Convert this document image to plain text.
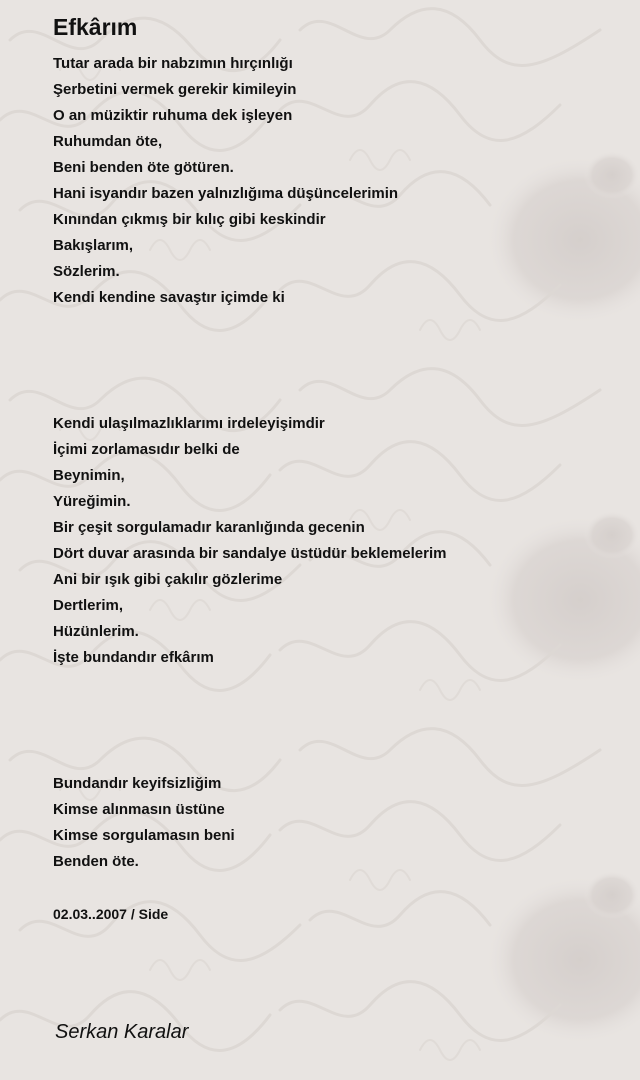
Efkârım
Tutar arada bir nabzımın hırçınlığı
Şerbetini vermek gerekir kimileyin
O an müziktir ruhuma dek işleyen
Ruhumdan öte,
Beni benden öte götüren.
Hani isyandır bazen yalnızlığıma düşüncelerimin
Kınından çıkmış bir kılıç gibi keskindir
Bakışlarım,
Sözlerim.
Kendi kendine savaştır içimde ki
Kendi ulaşılmazlıklarımı irdeleyişimdir
İçimi zorlamasıdır belki de
Beynimin,
Yüreğimin.
Bir çeşit sorgulamadır karanlığında gecenin
Dört duvar arasında bir sandalye üstüdür beklemelerim
Ani bir ışık gibi çakılır gözlerime
Dertlerim,
Hüzünlerim.
İşte bundandır efkârım
Bundandır keyifsizliğim
Kimse alınmasın üstüne
Kimse sorgulamasın beni
Benden öte.
02.03..2007 / Side
Serkan Karalar
